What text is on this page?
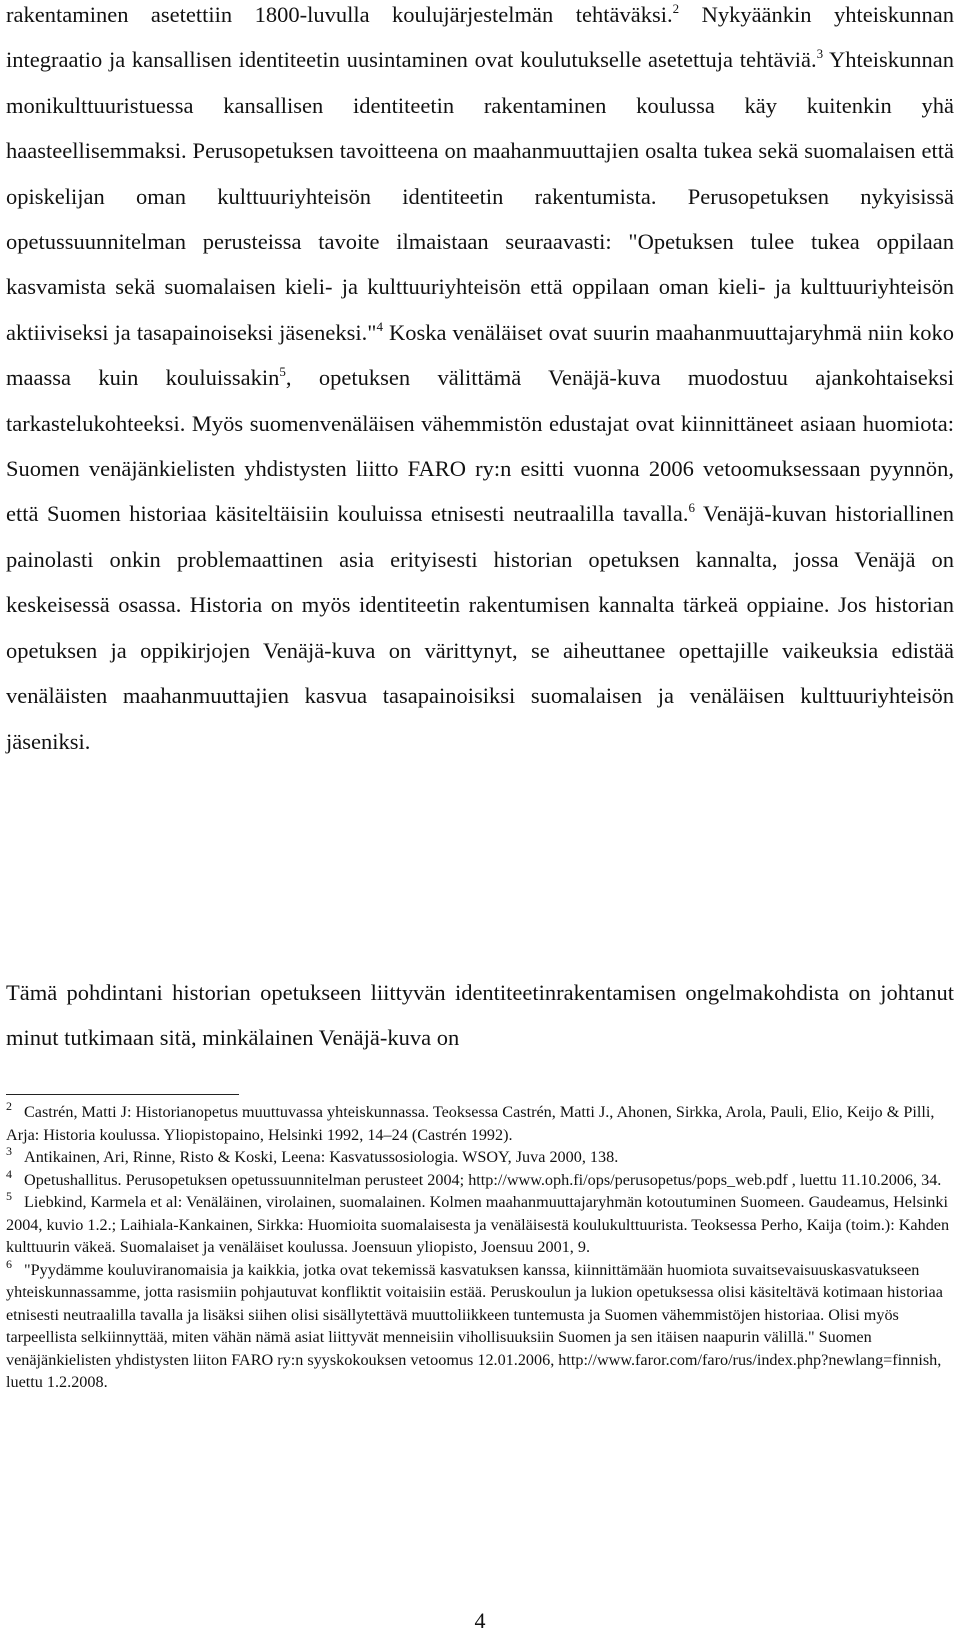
rakentaminen asetettiin 1800-luvulla koulujärjestelmän tehtäväksi.$^2$ Nykyäänkin yhteiskunnan integraatio ja kansallisen identiteetin uusintaminen ovat koulutukselle asetettuja tehtäviä.$^3$ Yhteiskunnan monikulttuuristuessa kansallisen identiteetin rakentaminen koulussa käy kuitenkin yhä haasteellisemmaksi. Perusopetuksen tavoitteena on maahanmuuttajien osalta tukea sekä suomalaisen että opiskelijan oman kulttuuriyhteisön identiteetin rakentumista. Perusopetuksen nykyisissä opetussuunnitelman perusteissa tavoite ilmaistaan seuraavasti: "Opetuksen tulee tukea oppilaan kasvamista sekä suomalaisen kieli- ja kulttuuriyhteisön että oppilaan oman kieli- ja kulttuuriyhteisön aktiiviseksi ja tasapainoiseksi jäseneksi."$^4$ Koska venäläiset ovat suurin maahanmuuttajaryhmä niin koko maassa kuin kouluissakin$^5$, opetuksen välittämä Venäjä-kuva muodostuu ajankohtaiseksi tarkastelukohteeksi. Myös suomenvenäläisen vähemmistön edustajat ovat kiinnittäneet asiaan huomiota: Suomen venäjänkielisten yhdistysten liitto FARO ry:n esitti vuonna 2006 vetoomuksessaan pyynnön, että Suomen historiaa käsiteltäisiin kouluissa etnisesti neutraalilla tavalla.$^6$ Venäjä-kuvan historiallinen painolasti onkin problemaattinen asia erityisesti historian opetuksen kannalta, jossa Venäjä on keskeisessä osassa. Historia on myös identiteetin rakentumisen kannalta tärkeä oppiaine. Jos historian opetuksen ja oppikirjojen Venäjä-kuva on värittynyt, se aiheuttanee opettajille vaikeuksia edistää venäläisten maahanmuuttajien kasvua tasapainoisiksi suomalaisen ja venäläisen kulttuuriyhteisön jäseniksi.

Tämä pohdintani historian opetukseen liittyvän identiteetinrakentamisen ongelmakohdista on johtanut minut tutkimaan sitä, minkälainen Venäjä-kuva on

$^2$ Castrén, Matti J: Historianopetus muuttuvassa yhteiskunnassa. Teoksessa Castrén, Matti J., Ahonen, Sirkka, Arola, Pauli, Elio, Keijo & Pilli, Arja: Historia koulussa. Yliopistopaino, Helsinki 1992, 14–24 (Castrén 1992).

$^3$ Antikainen, Ari, Rinne, Risto & Koski, Leena: Kasvatussosiologia. WSOY, Juva 2000, 138.

$^4$ Opetushallitus. Perusopetuksen opetussuunnitelman perusteet 2004; http://www.oph.fi/ops/perusopetus/pops_web.pdf , luettu 11.10.2006, 34.

$^5$ Liebkind, Karmela et al: Venäläinen, virolainen, suomalainen. Kolmen maahanmuuttajaryhmän kotoutuminen Suomeen. Gaudeamus, Helsinki 2004, kuvio 1.2.; Laihiala-Kankainen, Sirkka: Huomioita suomalaisesta ja venäläisestä koulukulttuurista. Teoksessa Perho, Kaija (toim.): Kahden kulttuurin väkeä. Suomalaiset ja venäläiset koulussa. Joensuun yliopisto, Joensuu 2001, 9.

$^6$ "Pyydämme kouluviranomaisia ja kaikkia, jotka ovat tekemissä kasvatuksen kanssa, kiinnittämään huomiota suvaitsevaisuuskasvatukseen yhteiskunnassamme, jotta rasismiin pohjautuvat konfliktit voitaisiin estää. Peruskoulun ja lukion opetuksessa olisi käsiteltävä kotimaan historiaa etnisesti neutraalilla tavalla ja lisäksi siihen olisi sisällytettävä muuttoliikkeen tuntemusta ja Suomen vähemmistöjen historiaa. Olisi myös tarpeellista selkiinnyttää, miten vähän nämä asiat liittyvät menneisiin vihollisuuksiin Suomen ja sen itäisen naapurin välillä." Suomen venäjänkielisten yhdistysten liiton FARO ry:n syyskokouksen vetoomus 12.01.2006, http://www.faror.com/faro/rus/index.php?newlang=finnish, luettu 1.2.2008.

4
